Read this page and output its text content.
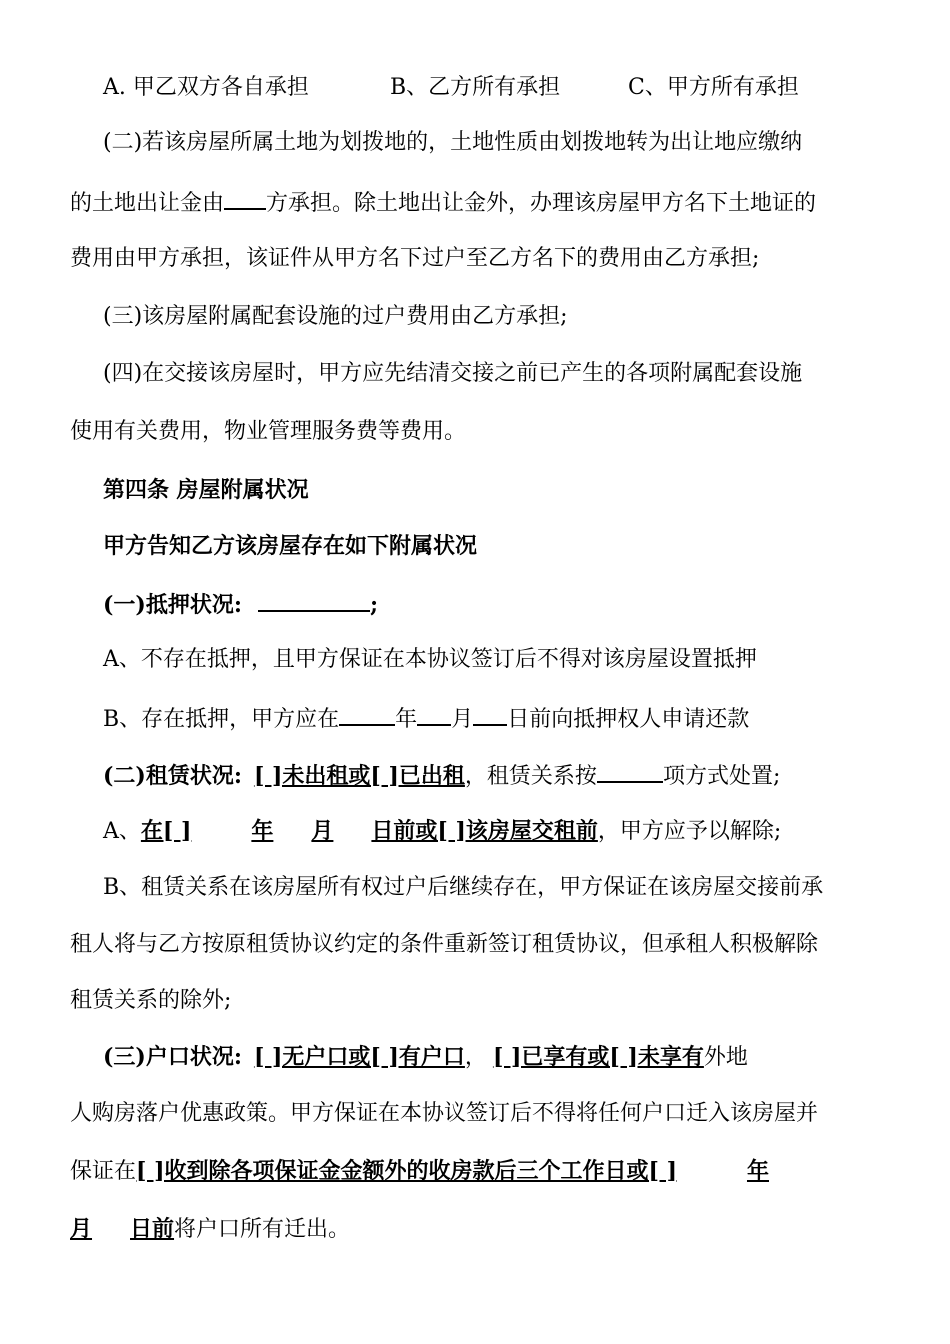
A. 甲乙双方各自承担	B、乙方所有承担	C、甲方所有承担
(二)若该房屋所属土地为划拨地的，土地性质由划拨地转为出让地应缴纳
的土地出让金由 方承担。除土地出让金外，办理该房屋甲方名下土地证的
费用由甲方承担，该证件从甲方名下过户至乙方名下的费用由乙方承担;
(三)该房屋附属配套设施的过户费用由乙方承担;
(四)在交接该房屋时，甲方应先结清交接之前已产生的各项附属配套设施
使用有关费用，物业管理服务费等费用。
第四条 房屋附属状况
甲方告知乙方该房屋存在如下附属状况
(一)抵押状况:	;
A、不存在抵押，且甲方保证在本协议签订后不得对该房屋设置抵押
B、存在抵押，甲方应在	年 月 日前向抵押权人申请还款
(二)租赁状况: [ ]未出租或[ ]已出租，租赁关系按	项方式处置;
A、在[ ]	年 月 日前或[ ]该房屋交租前，甲方应予以解除;
B、租赁关系在该房屋所有权过户后继续存在，甲方保证在该房屋交接前承
租人将与乙方按原租赁协议约定的条件重新签订租赁协议，但承租人积极解除
租赁关系的除外;
(三)户口状况: [ ]无户口或[ ]有户口， [ ]已享有或[ ]未享有外地
人购房落户优惠政策。甲方保证在本协议签订后不得将任何户口迁入该房屋并
保证在[ ]收到除各项保证金金额外的收房款后三个工作日或[ ]	年
月 日前将户口所有迁出。
